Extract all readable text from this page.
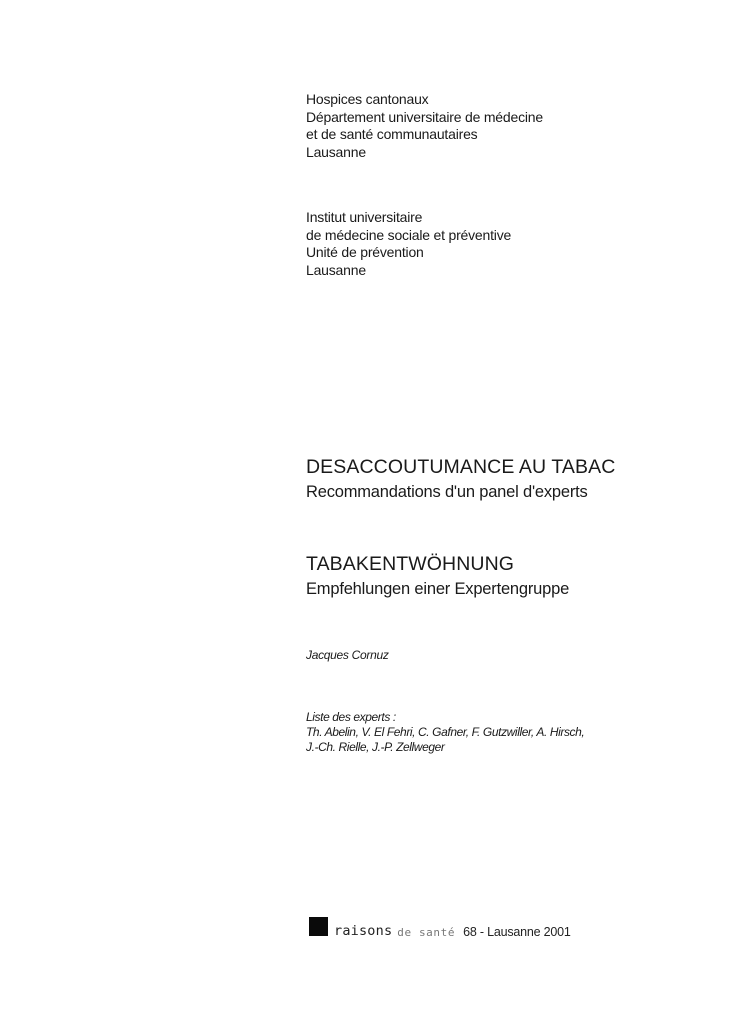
Hospices cantonaux
Département universitaire de médecine
et de santé communautaires
Lausanne
Institut universitaire
de médecine sociale et préventive
Unité de prévention
Lausanne
DESACCOUTUMANCE AU TABAC
Recommandations d'un panel d'experts
TABAKENTWÖHNUNG
Empfehlungen einer Expertengruppe
Jacques Cornuz
Liste des experts :
Th. Abelin, V. El Fehri, C. Gafner, F. Gutzwiller, A. Hirsch,
J.-Ch. Rielle, J.-P. Zellweger
raisons de santé 68 - Lausanne 2001
